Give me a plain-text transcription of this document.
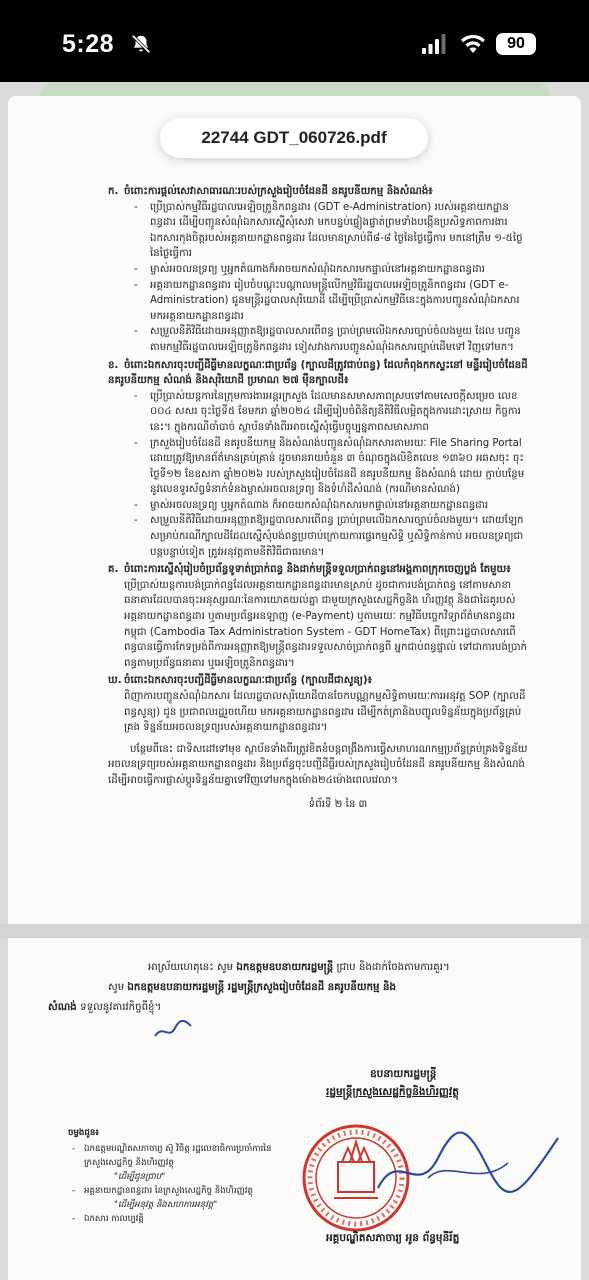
5:28	90
ក. ចំពោះការផ្ដល់សេវាសាធារណៈរបស់ក្រសួងរៀបចំដែនដី នគរូបនីយកម្ម និងសំណង់៖
- ប្រើប្រាស់កម្មវិធីរដ្ឋបាលអេឡិចត្រូនិកពន្ធដារ (GDT e-Administration) របស់អគ្គនាយកដ្ឋានពន្ធដារ ដើម្បីបញ្ជូនសំណុំឯកសារស្នើសុំសេវា មកបន្ទប់ផ្ទៀងផ្ទាត់ព្រមទាំងបង្កើនប្រសិទ្ធភាពការងារឯកសារកុងចិត្តរបស់អគ្គនាយកដ្ឋានពន្ធដារ ដែលមានស្រាប់ពី៨-៨ ថ្ងៃនៃថ្ងៃធ្វើការ មកនៅត្រឹម ១-៥ថ្ងៃនៃថ្ងៃធ្វើការ
- ម្ចាស់អចលនទ្រព្យ ឬអ្នកតំណាងក៏អាចយកសំណុំឯកសារមកផ្ទាល់នៅអគ្គនាយកដ្ឋានពន្ធដារ
- អគ្គនាយកដ្ឋានពន្ធដារ រៀបចំបណ្ដុះបណ្ដាលមន្ត្រីលើកម្មវិធីរដ្ឋបាលអេឡិចត្រូនិកពន្ធដារ (GDT e-Administration) ជូនមន្ត្រីរដ្ឋបាលសុរិយោដី ដើម្បីប្រើប្រាស់កម្មវិធីនេះក្នុងការបញ្ជូនសំណុំឯកសារ មកអគ្គនាយកដ្ឋានពន្ធដារ
- សម្រួលនីតិវិធីដោយអនុញ្ញាតឱ្យរដ្ឋបាលសារពើពន្ធ ប្រាប់ព្រមលើឯកសារច្បាប់ចំលងមួយ ដែល បញ្ជូនតាមកម្មវិធីរដ្ឋបាលអេឡិចត្រូនិកពន្ធដារ ទៀសវាងការបញ្ជូនសំណុំឯកសារច្បាប់ដើមទៅ វិញទៅមក។
ខ. ចំពោះឯកសារចុះបញ្ជីដីធ្លីមានលក្ខណៈជាប្រព័ន្ធ (ក្បាលដីត្រូវជាប់ពន្ធ) ដែលកំពុងកកស្ទះនៅ មន្ទីររៀបចំដែនដី នគរូបនីយកម្ម សំណង់ និងសុរិយោដី ប្រមាណ ២៧ ម៉ឺនក្បាលដី៖
- ប្រើប្រាស់យន្តការនៃក្រុមការងារអន្តរក្រសួង ដែលមានសមាសភាពស្របទៅតាមសេចក្ដីសម្រេច លេខ ០០៤ សសរ ចុះថ្ងៃទី៥ ខែមករា ឆ្នាំ២០២៤ ដើម្បីរៀបចំពិនិត្យនីតិវិធីលម្អិតក្នុងការដោះស្រាយ កិច្ចការនេះ។ ក្នុងករណីចាំបាច់ ស្ថាប័នទាំងពីរអាចស្នើសុំធ្វើបច្ចុប្បន្នភាពសមាសភាព
- ក្រសួងរៀបចំដែនដី នគរូបនីយកម្ម និងសំណង់បញ្ជូនសំណុំឯកសារតាមរយៈ File Sharing Portal ដោយត្រូវឱ្យមានព័ត៌មានគ្រប់គ្រាន់ ដូចមានរាយចំនួន ៣ ចំណុចក្នុងលិខិតលេខ ១៣៦០ អឆសចុះ ចុះថ្ងៃទី១២ ខែឧសភា ឆ្នាំ២០២៦ របស់ក្រសួងរៀបចំដែនដី នគរូបនីយកម្ម និងសំណង់ ដោយ ភ្ជាប់បន្ថែមនូវលេខទូរស័ព្ទទំនាក់ទំនងម្ចាស់អចលនទ្រព្យ និងទំហំដីសំណង់ (ករណីមានសំណង់)
- ម្ចាស់អចលនទ្រព្យ ឬអ្នកតំណាង ក៏អាចយកសំណុំឯកសារមកផ្ទាល់នៅអគ្គនាយកដ្ឋានពន្ធដារ
- សម្រួលនីតិវិធីដោយអនុញ្ញាតឱ្យរដ្ឋបាលសារពើពន្ធ ប្រាប់ព្រមលើឯកសារច្បាប់ចំលងមួយ។ ដោយឡែក សម្រាប់ករណីក្បាលដីដែលស្នើសុំបង់ពន្ធប្រថាប់ក្រោយការផ្ទេរកម្មសិទ្ធិ ឬសិទ្ធិកាន់កាប់ អចលនទ្រព្យជាបន្តបន្ទាប់ទៀត ត្រូវអនុវត្តតាមនីតិវិធីជាធរមាន។
គ. ចំពោះការស្នើសុំរៀបចំប្រព័ន្ធទូទាត់ប្រាក់ពន្ធ និងដាក់មន្ត្រីទទួលប្រាក់ពន្ធនៅអង្គភាពក្រុកចេញប្លង់ តែមួយ៖
ប្រើប្រាស់យន្តការបង់ប្រាក់ពន្ធដែលអគ្គនាយកដ្ឋានពន្ធដារមានស្រាប់ ដូចជាការបង់ប្រាក់ពន្ធ នៅតាមសាខាធនាគារដែលបានចុះអនុស្សរណៈនៃការយោគយល់គ្នា ជាមួយក្រសួងសេដ្ឋកិច្ចនិង ហិរញ្ញវត្ថុ និងជាដៃគូរបស់អគ្គនាយកដ្ឋានពន្ធដារ ឬតាមប្រព័ន្ធអនឡាញ (e-Payment) ឬតាមរយៈ កម្មវិធីបច្ចេកវិទ្យាព័ត៌មានពន្ធដារកម្ពុជា (Cambodia Tax Administration System - GDT HomeTax) ពីព្រោះរដ្ឋបាលសារពើពន្ធបានធ្វើការកែទម្រង់ពីការអនុញ្ញាតឱ្យមន្ត្រីពន្ធដារទទួលសាច់ប្រាក់ពន្ធពី អ្នកជាប់ពន្ធផ្ទាល់ ទៅជាការបង់ប្រាក់ពន្ធតាមប្រព័ន្ធធនាគារ ឬអេឡិចត្រូនិកពន្ធដារ។
ឃ. ចំពោះឯកសារចុះបញ្ជីដីធ្លីមានលក្ខណៈជាប្រព័ន្ធ (ក្បាលដីជាសូន្យ)៖
ពិញាការបញ្ជូនសំណុំឯកសារ ដែលរដ្ឋបាលសុរិយោដីបានចែកបណ្ណកម្មសិទ្ធិតាមរយៈការអនុវត្ត SOP (ក្បាលដីពន្ធសូន្យ) ជូន ប្រជាពលរដ្ឋរួចហើយ មកអគ្គនាយកដ្ឋានពន្ធដារ ដើម្បីកត់ត្រានិងបញ្ចូលទិន្នន័យក្នុងប្រព័ន្ធគ្រប់គ្រង ទិន្នន័យអចលនទ្រព្យរបស់អគ្គនាយកដ្ឋានពន្ធដារ។
បន្ថែមពីនេះ ជាទិសដៅទៅមុខ ស្ថាប័នទាំងពីរត្រូវខិតខំបន្តពង្រឹងការធ្វើសមាហរណកម្មប្រព័ន្ធគ្រប់គ្រងទិន្នន័យ អចលនទ្រព្យរបស់អគ្គនាយកដ្ឋានពន្ធដារ និងប្រព័ន្ធចុះបញ្ជីដីធ្លីរបស់ក្រសួងរៀបចំដែនដី នគរូបនីយកម្ម និងសំណង់ ដើម្បីអាចធ្វើការផ្លាស់ប្ដូរទិន្នន័យគ្នាទៅវិញទៅមកក្នុងម៉ោង២៤ម៉ោងពេលវេលា។
ទំព័រទី ២ នៃ ៣
22744 GDT_060726.pdf
អាស្រ័យហេតុនេះ សូម ឯកឧត្ដមឧបនាយករដ្ឋមន្ត្រី ជ្រាប និងដាក់ចែងតាមការគួរ។
សូម ឯកឧត្ដមឧបនាយករដ្ឋមន្ត្រី រដ្ឋមន្ត្រីក្រសួងរៀបចំដែនដី នគរូបនីយកម្ម និង
សំណង់ ទទួលនូវគារវកិច្ចពីខ្ញុំ។
ឧបនាយករដ្ឋមន្ត្រី
រដ្ឋមន្ត្រីក្រសួងសេដ្ឋកិច្ចនិងហិរញ្ញវត្ថុ
អគ្គបណ្ឌិតសភាចារ្យ អូន ព័ន្ធមុនីរ័ត្ន
ចម្លងជូន៖
- ឯកឧត្ដមបណ្ឌិតសភាចារ្យ ស៊ូ វិចិត្ត រដ្ឋលេខាធិការប្រចាំការនៃ ក្រសួងសេដ្ឋកិច្ច និងហិរញ្ញវត្ថុ
"ដើម្បីជូនជ្រាប"
- អគ្គនាយកដ្ឋានពន្ធដារ នៃក្រសួងសេដ្ឋកិច្ច និងហិរញ្ញវត្ថុ
"ដើម្បីអនុវត្ត និងសហការអនុវត្ត"
- ឯកសារ កាលប្បវត្តិ
